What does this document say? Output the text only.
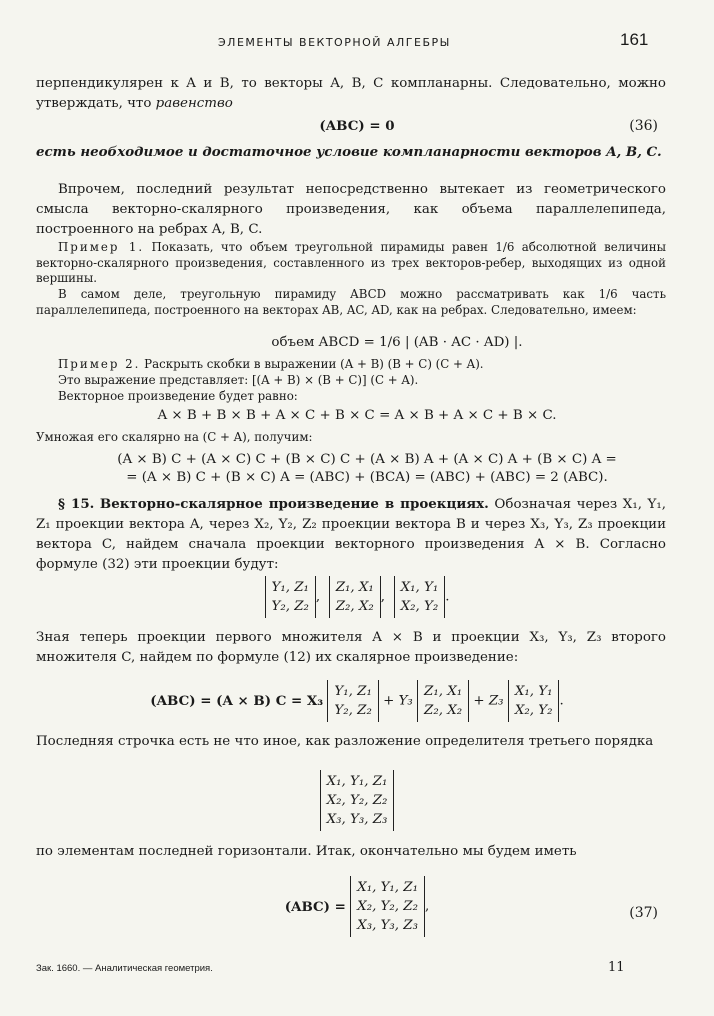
ЭЛЕМЕНТЫ ВЕКТОРНОЙ АЛГЕБРЫ	161
перпендикулярен к A и B, то векторы A, B, C компланарны. Следовательно, можно утверждать, что равенство
(ABC) = 0	(36)
есть необходимое и достаточное условие компланарности векторов A, B, C.
Впрочем, последний результат непосредственно вытекает из геометрического смысла векторно-скалярного произведения, как объема параллелепипеда, построенного на ребрах A, B, C.
Пример 1. Показать, что объем треугольной пирамиды равен 1/6 абсолютной величины векторно-скалярного произведения, составленного из трех векторов-ребер, выходящих из одной вершины.
В самом деле, треугольную пирамиду ABCD можно рассматривать как 1/6 часть параллелепипеда, построенного на векторах AB, AC, AD, как на ребрах. Следовательно, имеем:
объем ABCD = 1/6 | (AB · AC · AD) |.
Пример 2. Раскрыть скобки в выражении (A + B) (B + C) (C + A).
Это выражение представляет: [(A + B) × (B + C)] (C + A).
Векторное произведение будет равно:
A × B + B × B + A × C + B × C = A × B + A × C + B × C.
Умножая его скалярно на (C + A), получим:
(A × B) C + (A × C) C + (B × C) C + (A × B) A + (A × C) A + (B × C) A =
= (A × B) C + (B × C) A = (ABC) + (BCA) = (ABC) + (ABC) = 2 (ABC).
§ 15. Векторно-скалярное произведение в проекциях. Обозначая через X₁, Y₁, Z₁ проекции вектора A, через X₂, Y₂, Z₂ проекции вектора B и через X₃, Y₃, Z₃ проекции вектора C, найдем сначала проекции векторного произведения A × B. Согласно формуле (32) эти проекции будут:
Y₁, Z₁
Y₂, Z₂
,
Z₁, X₁
Z₂, X₂
,
X₁, Y₁
X₂, Y₂
.
Зная теперь проекции первого множителя A × B и проекции X₃, Y₃, Z₃ второго множителя C, найдем по формуле (12) их скалярное произведение:
(ABC) = (A × B) C = X₃
Y₁, Z₁
Y₂, Z₂
+ Y₃
Z₁, X₁
Z₂, X₂
+ Z₃
X₁, Y₁
X₂, Y₂
.
Последняя строчка есть не что иное, как разложение определителя третьего порядка
X₁, Y₁, Z₁
X₂, Y₂, Z₂
X₃, Y₃, Z₃
по элементам последней горизонтали. Итак, окончательно мы будем иметь
(ABC) =
X₁, Y₁, Z₁
X₂, Y₂, Z₂
X₃, Y₃, Z₃
,	(37)
Зак. 1660. — Аналитическая геометрия.	11
